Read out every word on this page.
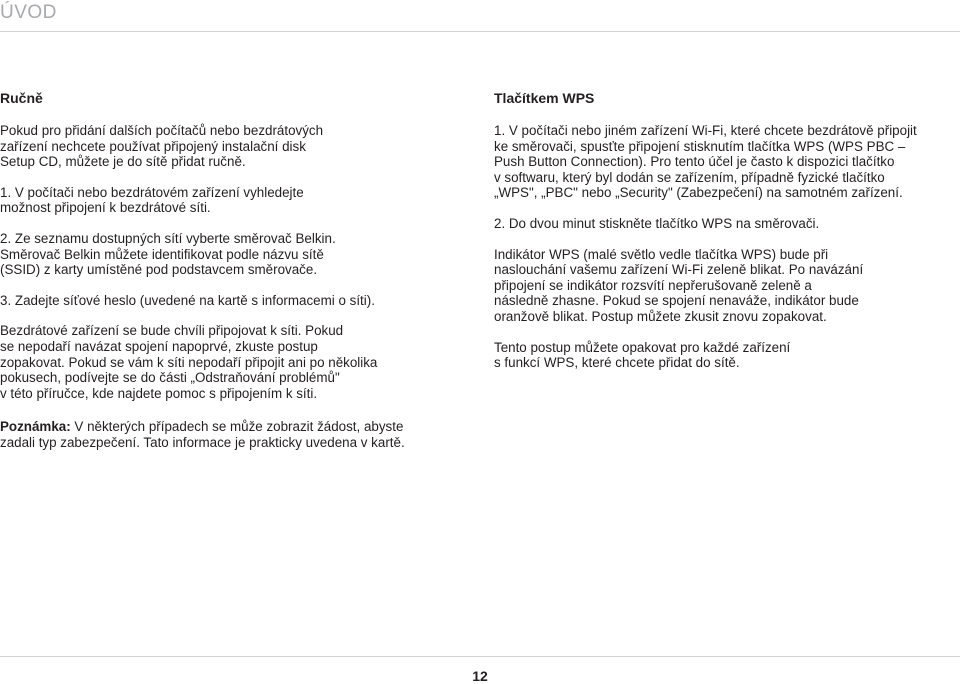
ÚVOD
Ručně
Pokud pro přidání dalších počítačů nebo bezdrátových
zařízení nechcete používat připojený instalační disk
Setup CD, můžete je do sítě přidat ručně.
1. V počítači nebo bezdrátovém zařízení vyhledejte
možnost připojení k bezdrátové síti.
2. Ze seznamu dostupných sítí vyberte směrovač Belkin.
Směrovač Belkin můžete identifikovat podle názvu sítě
(SSID) z karty umístěné pod podstavcem směrovače.
3. Zadejte síťové heslo (uvedené na kartě s informacemi o síti).
Bezdrátové zařízení se bude chvíli připojovat k síti. Pokud
se nepodaří navázat spojení napoprvé, zkuste postup
zopakovat. Pokud se vám k síti nepodaří připojit ani po několika
pokusech, podívejte se do části „Odstraňování problémů"
v této příručce, kde najdete pomoc s připojením k síti.
Tlačítkem WPS
1. V počítači nebo jiném zařízení Wi-Fi, které chcete bezdrátově připojit
ke směrovači, spusťte připojení stisknutím tlačítka WPS (WPS PBC –
Push Button Connection). Pro tento účel je často k dispozici tlačítko
v softwaru, který byl dodán se zařízením, případně fyzické tlačítko
„WPS", „PBC" nebo „Security" (Zabezpečení) na samotném zařízení.
2. Do dvou minut stiskněte tlačítko WPS na směrovači.
Indikátor WPS (malé světlo vedle tlačítka WPS) bude při
naslouchání vašemu zařízení Wi-Fi zeleně blikat. Po navázání
připojení se indikátor rozsvítí nepřerušovaně zeleně a
následně zhasne. Pokud se spojení nenaváže, indikátor bude
oranžově blikat. Postup můžete zkusit znovu zopakovat.
Tento postup můžete opakovat pro každé zařízení
s funkcí WPS, které chcete přidat do sítě.
Poznámka: V některých případech se může zobrazit žádost, abyste
zadali typ zabezpečení. Tato informace je prakticky uvedena v kartě.
12
